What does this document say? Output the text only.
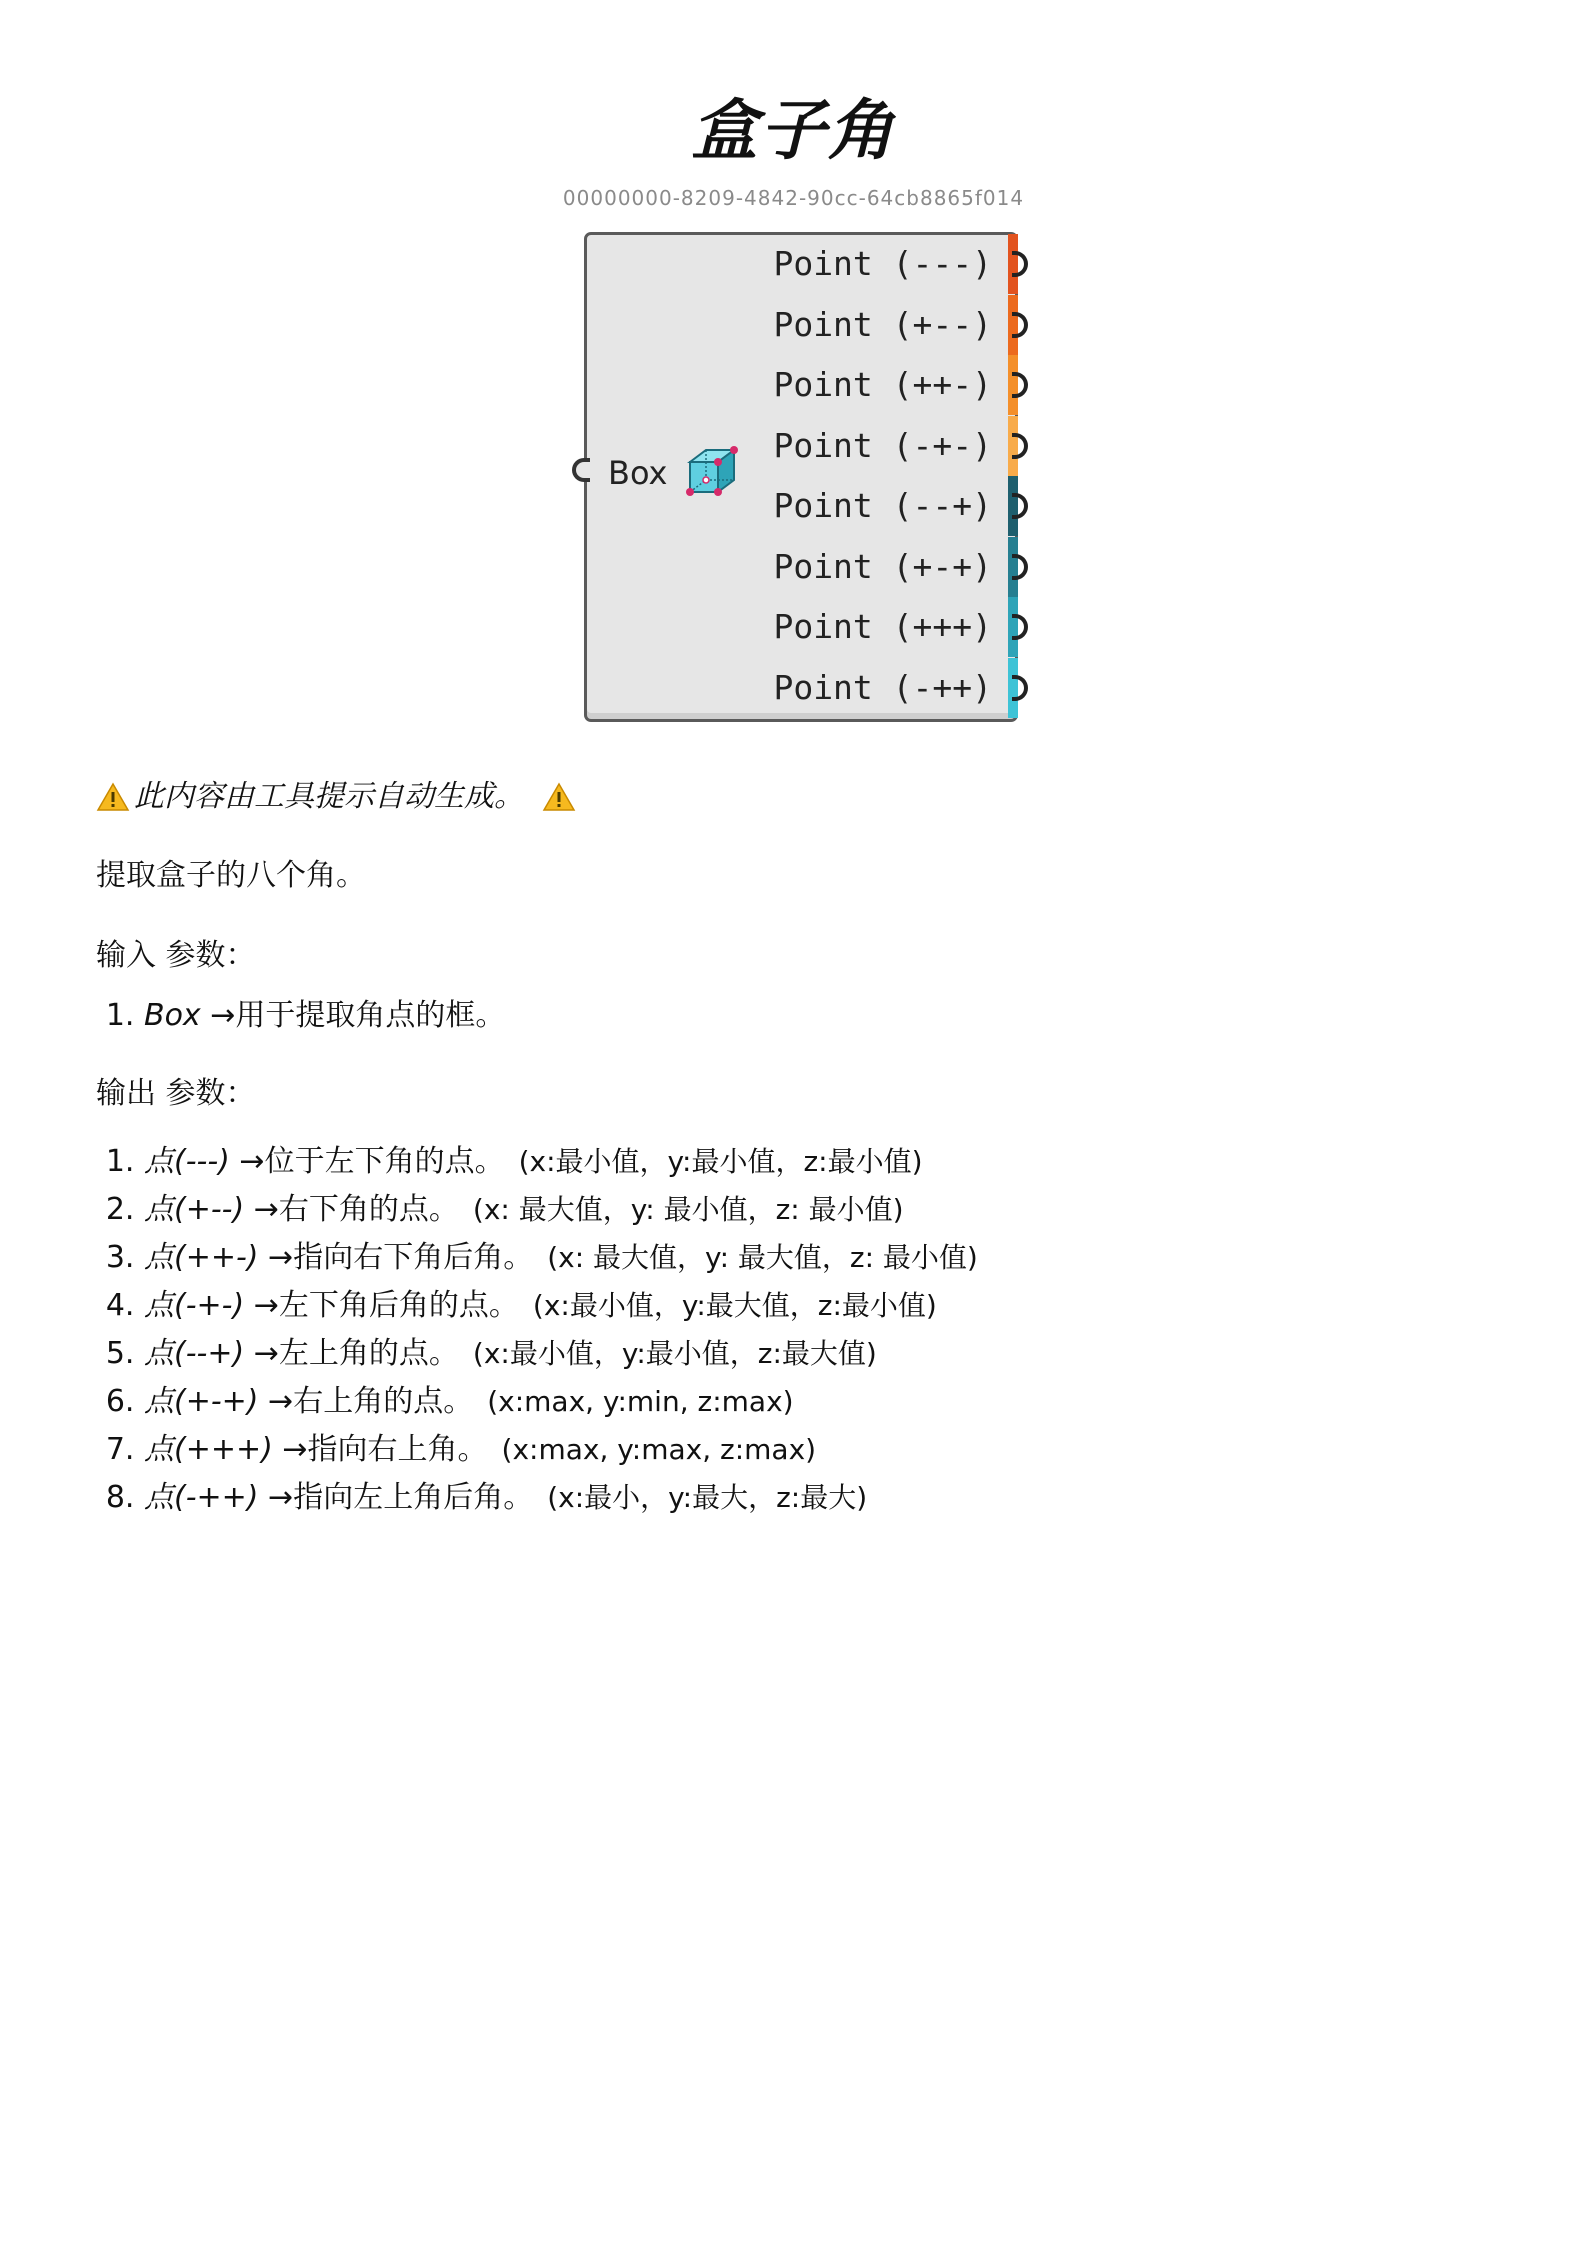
盒子角
00000000-8209-4842-90cc-64cb8865f014
Box
Point (---)
Point (+--)
Point (++-)
Point (-+-)
Point (--+)
Point (+-+)
Point (+++)
Point (-++)
此内容由工具提示自动生成。
提取盒子的八个角。
输入 参数：
1. Box →用于提取角点的框。
输出 参数：
1. 点(---) →位于左下角的点。 (x:最小值，y:最小值，z:最小值)
2. 点(+--) →右下角的点。 (x: 最大值，y: 最小值，z: 最小值)
3. 点(++-) →指向右下角后角。 (x: 最大值，y: 最大值，z: 最小值)
4. 点(-+-) →左下角后角的点。 (x:最小值，y:最大值，z:最小值)
5. 点(--+) →左上角的点。 (x:最小值，y:最小值，z:最大值)
6. 点(+-+) →右上角的点。 (x:max, y:min, z:max)
7. 点(+++) →指向右上角。 (x:max, y:max, z:max)
8. 点(-++) →指向左上角后角。 (x:最小，y:最大，z:最大)
